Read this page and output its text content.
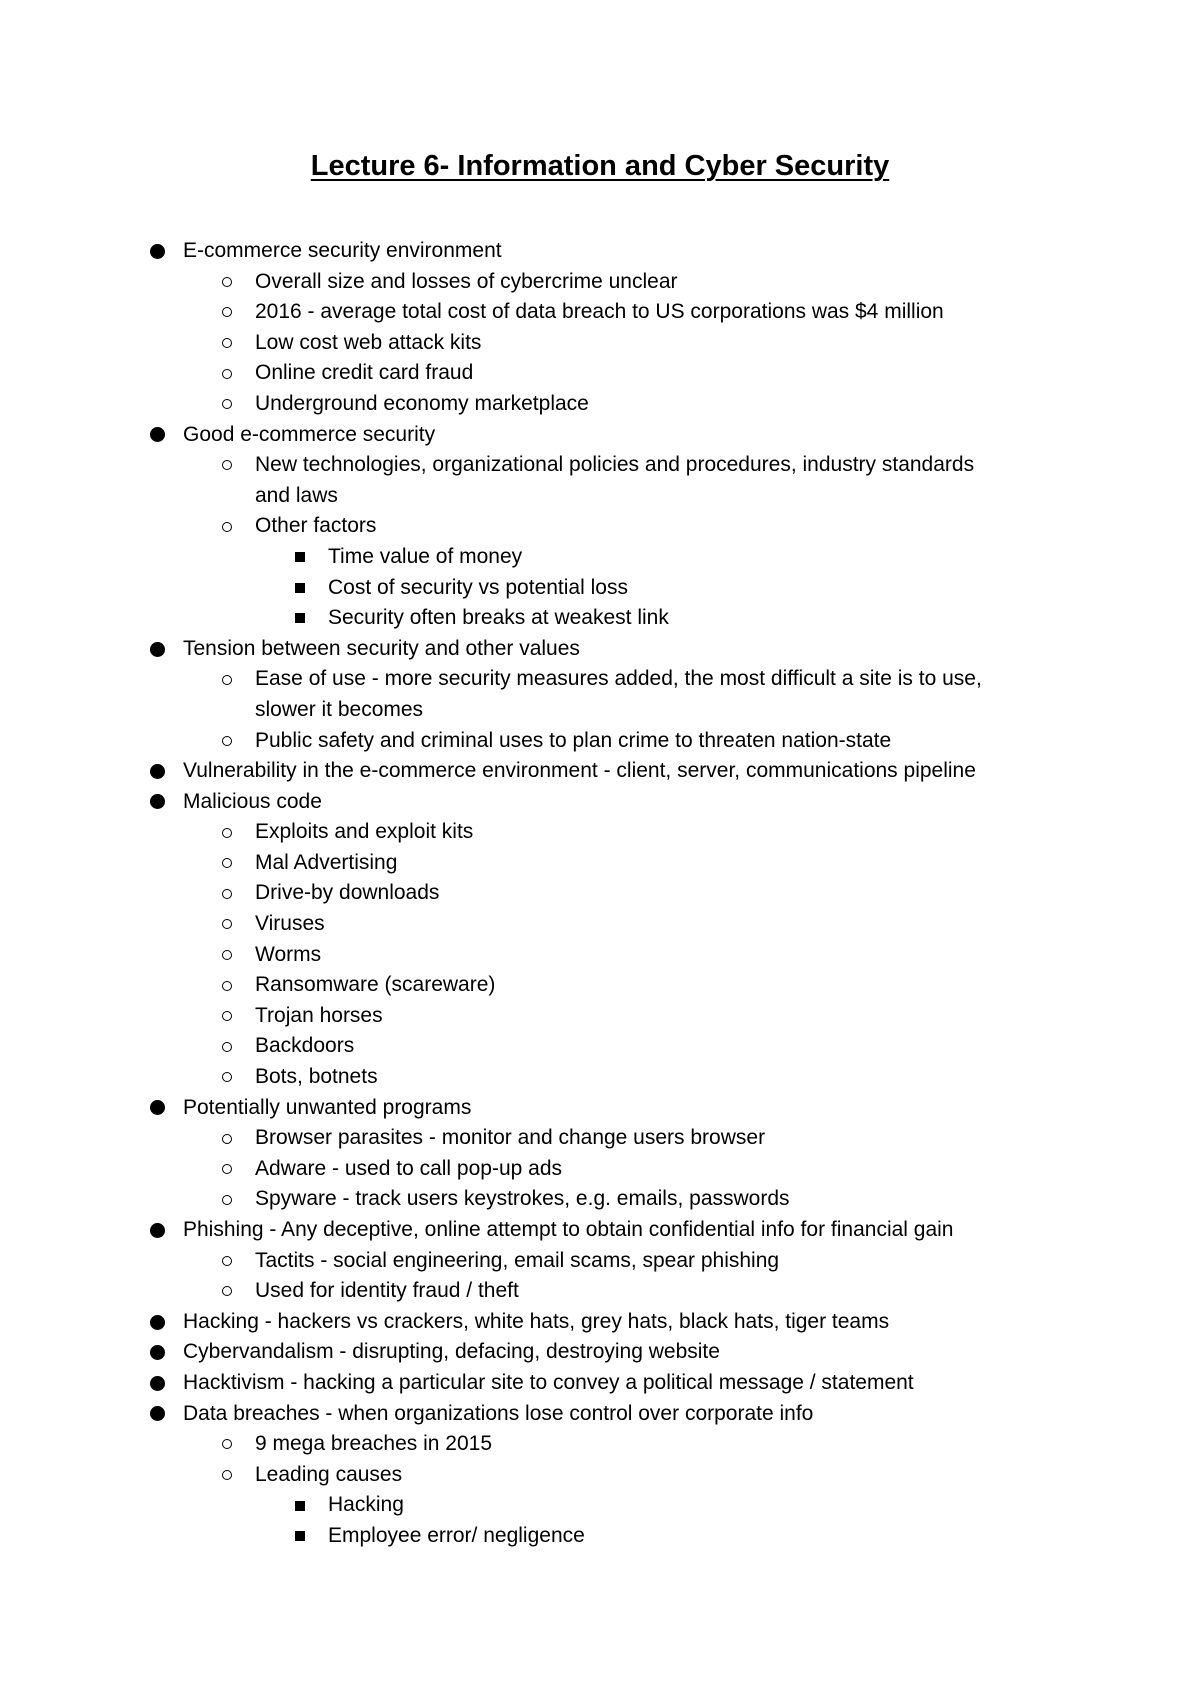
Lecture 6- Information and Cyber Security
E-commerce security environment
Overall size and losses of cybercrime unclear
2016 - average total cost of data breach to US corporations was $4 million
Low cost web attack kits
Online credit card fraud
Underground economy marketplace
Good e-commerce security
New technologies, organizational policies and procedures, industry standards and laws
Other factors
Time value of money
Cost of security vs potential loss
Security often breaks at weakest link
Tension between security and other values
Ease of use - more security measures added, the most difficult a site is to use, slower it becomes
Public safety and criminal uses to plan crime to threaten nation-state
Vulnerability in the e-commerce environment - client, server, communications pipeline
Malicious code
Exploits and exploit kits
Mal Advertising
Drive-by downloads
Viruses
Worms
Ransomware (scareware)
Trojan horses
Backdoors
Bots, botnets
Potentially unwanted programs
Browser parasites - monitor and change users browser
Adware - used to call pop-up ads
Spyware - track users keystrokes, e.g. emails, passwords
Phishing - Any deceptive, online attempt to obtain confidential info for financial gain
Tactits - social engineering, email scams, spear phishing
Used for identity fraud / theft
Hacking - hackers vs crackers, white hats, grey hats, black hats, tiger teams
Cybervandalism - disrupting, defacing, destroying website
Hacktivism - hacking a particular site to convey a political message / statement
Data breaches - when organizations lose control over corporate info
9 mega breaches in 2015
Leading causes
Hacking
Employee error/ negligence
